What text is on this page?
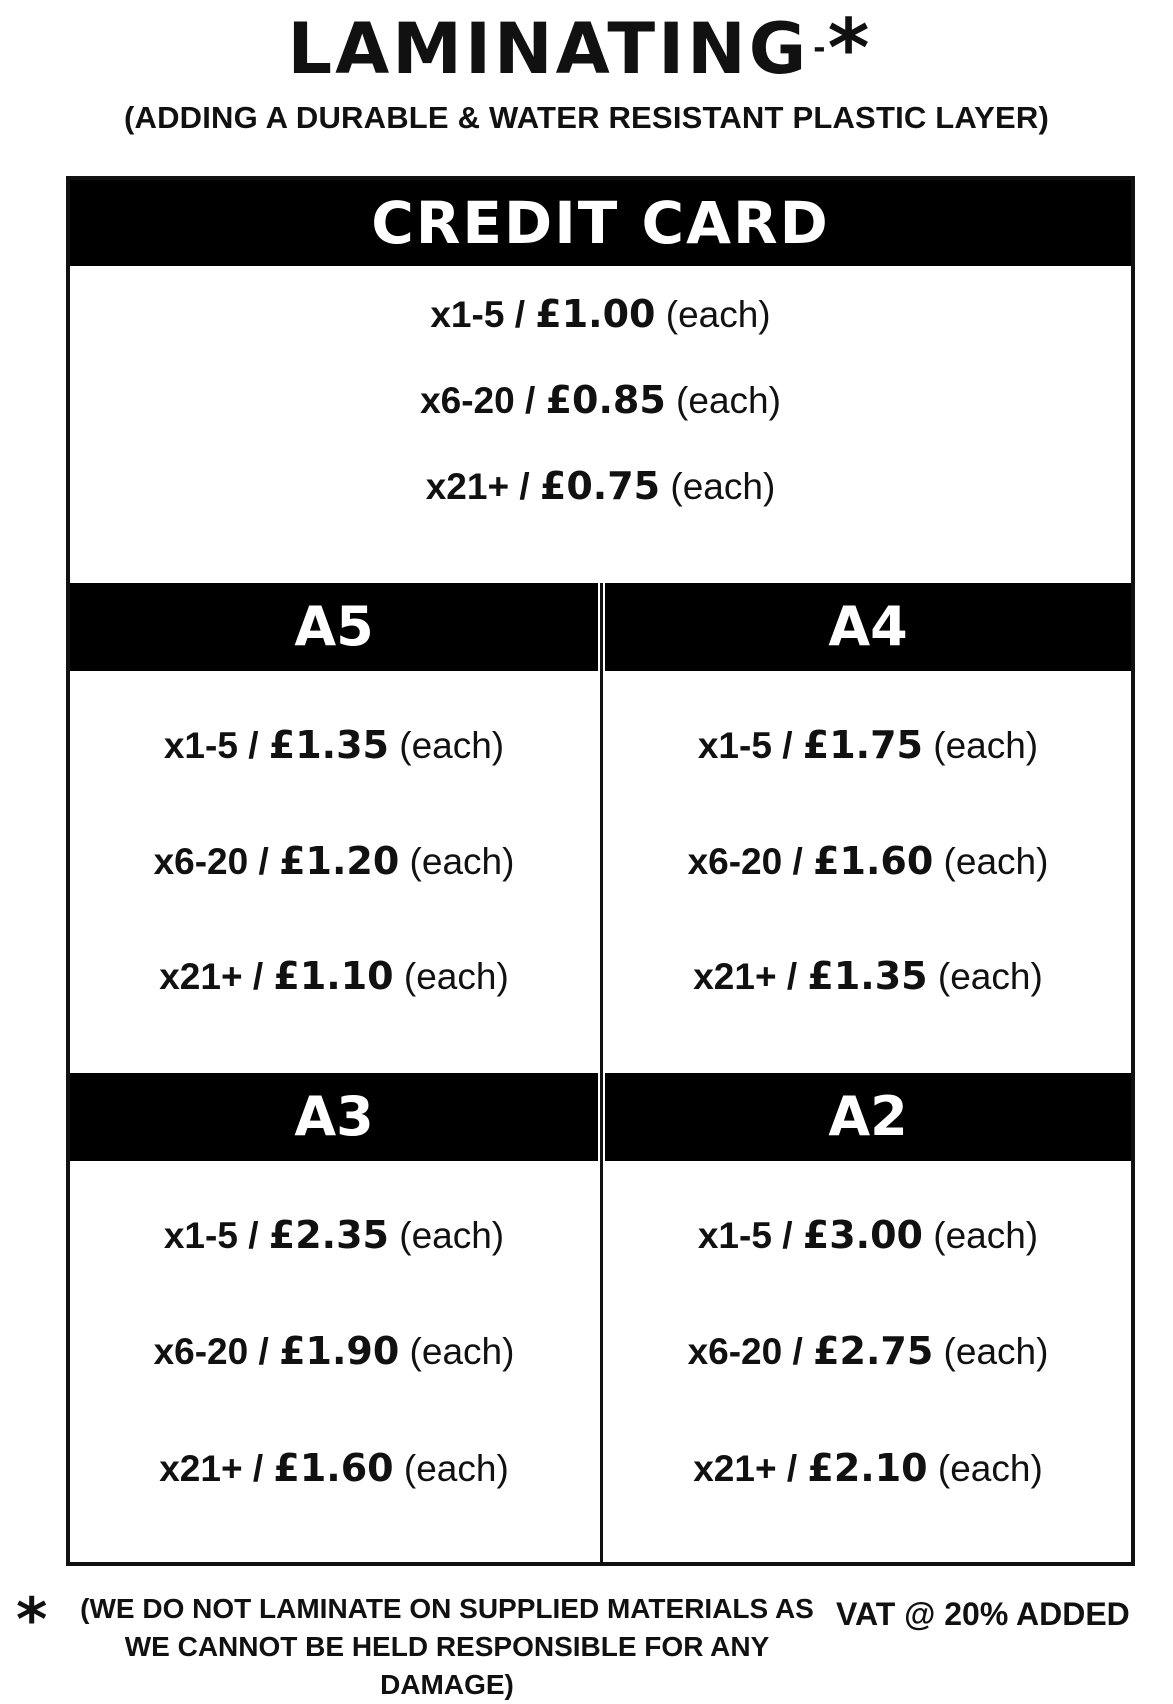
LAMINATING -*
(ADDING A DURABLE & WATER RESISTANT PLASTIC LAYER)
CREDIT CARD
x1-5 / £1.00 (each)
x6-20 / £0.85 (each)
x21+ / £0.75 (each)
A5	A4
x1-5 / £1.35 (each)
x6-20 / £1.20 (each)
x21+ / £1.10 (each)
x1-5 / £1.75 (each)
x6-20 / £1.60 (each)
x21+ / £1.35 (each)
A3	A2
x1-5 / £2.35 (each)
x6-20 / £1.90 (each)
x21+ / £1.60 (each)
x1-5 / £3.00 (each)
x6-20 / £2.75 (each)
x21+ / £2.10 (each)
* (WE DO NOT LAMINATE ON SUPPLIED MATERIALS AS WE CANNOT BE HELD RESPONSIBLE FOR ANY DAMAGE)
VAT @ 20% ADDED
